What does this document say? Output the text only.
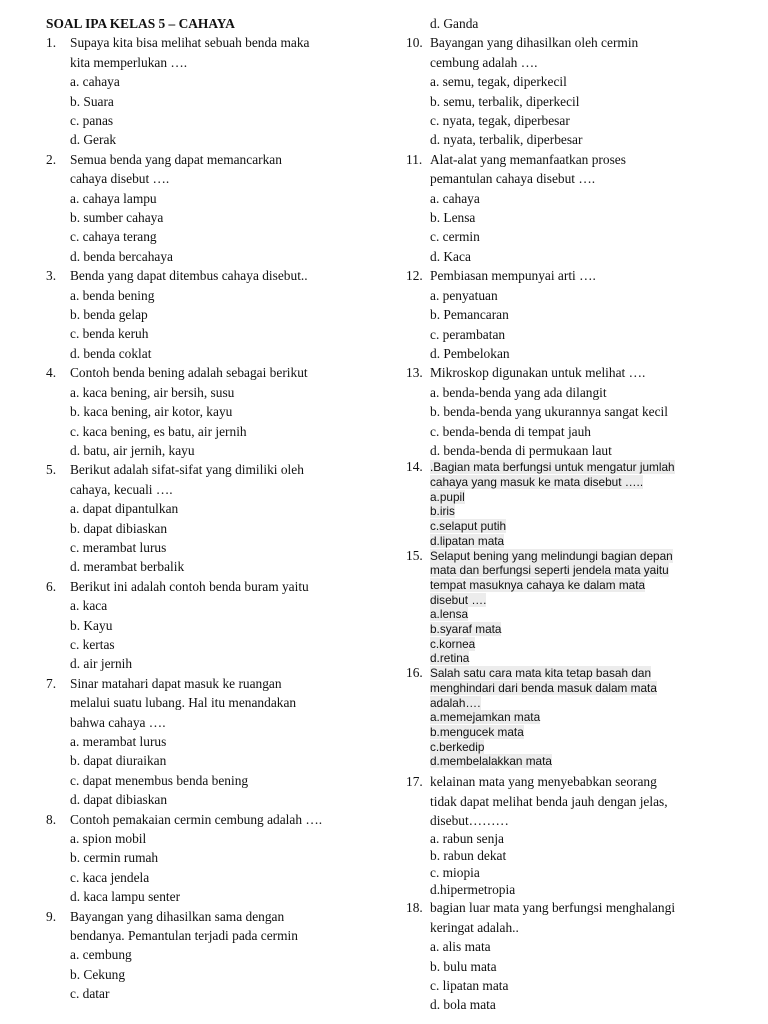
SOAL IPA KELAS 5 – CAHAYA
1.	Supaya kita bisa melihat sebuah benda maka
kita memperlukan ….
a. cahaya
b. Suara
c. panas
d. Gerak
2.	Semua benda yang dapat memancarkan
cahaya disebut ….
a. cahaya lampu
b. sumber cahaya
c. cahaya terang
d. benda bercahaya
3.	Benda yang dapat ditembus cahaya disebut..
a. benda bening
b. benda gelap
c. benda keruh
d. benda coklat
4.	Contoh benda bening adalah sebagai berikut
a. kaca bening, air bersih, susu
b. kaca bening, air kotor, kayu
c. kaca bening, es batu, air jernih
d. batu, air jernih, kayu
5.	Berikut adalah sifat-sifat yang dimiliki oleh
cahaya, kecuali ….
a. dapat dipantulkan
b. dapat dibiaskan
c. merambat lurus
d. merambat berbalik
6.	Berikut ini adalah contoh benda buram yaitu
a. kaca
b. Kayu
c. kertas
d. air jernih
7.	Sinar matahari dapat masuk ke ruangan
melalui suatu lubang. Hal itu menandakan
bahwa cahaya ….
a. merambat lurus
b. dapat diuraikan
c. dapat menembus benda bening
d. dapat dibiaskan
8.	Contoh pemakaian cermin cembung adalah ….
a. spion mobil
b. cermin rumah
c. kaca jendela
d. kaca lampu senter
9.	Bayangan yang dihasilkan sama dengan
bendanya. Pemantulan terjadi pada cermin
a. cembung
b. Cekung
c. datar
d. Ganda
10. Bayangan yang dihasilkan oleh cermin
cembung adalah ….
a. semu, tegak, diperkecil
b. semu, terbalik, diperkecil
c. nyata, tegak, diperbesar
d. nyata, terbalik, diperbesar
11. Alat-alat yang memanfaatkan proses
pemantulan cahaya disebut ….
a. cahaya
b. Lensa
c. cermin
d. Kaca
12. Pembiasan mempunyai arti ….
a. penyatuan
b. Pemancaran
c. perambatan
d. Pembelokan
13. Mikroskop digunakan untuk melihat ….
a. benda-benda yang ada dilangit
b. benda-benda yang ukurannya sangat kecil
c. benda-benda di tempat jauh
d. benda-benda di permukaan laut
14. .Bagian mata berfungsi untuk mengatur jumlah
cahaya yang masuk ke mata disebut …..
a.pupil
b.iris
c.selaput putih
d.lipatan mata
15. Selaput bening yang melindungi bagian depan
mata dan berfungsi seperti jendela mata yaitu
tempat masuknya cahaya ke dalam mata
disebut ….
a.lensa
b.syaraf mata
c.kornea
d.retina
16. Salah satu cara mata kita tetap basah dan
menghindari dari benda masuk dalam mata
adalah….
a.memejamkan mata
b.mengucek mata
c.berkedip
d.membelalakkan mata
17. kelainan mata yang menyebabkan seorang
tidak dapat melihat benda jauh dengan jelas,
disebut………
a. rabun senja
b. rabun dekat
c. miopia
d.hipermetropia
18. bagian luar mata yang berfungsi menghalangi
keringat adalah..
a. alis mata
b. bulu mata
c. lipatan mata
d. bola mata
